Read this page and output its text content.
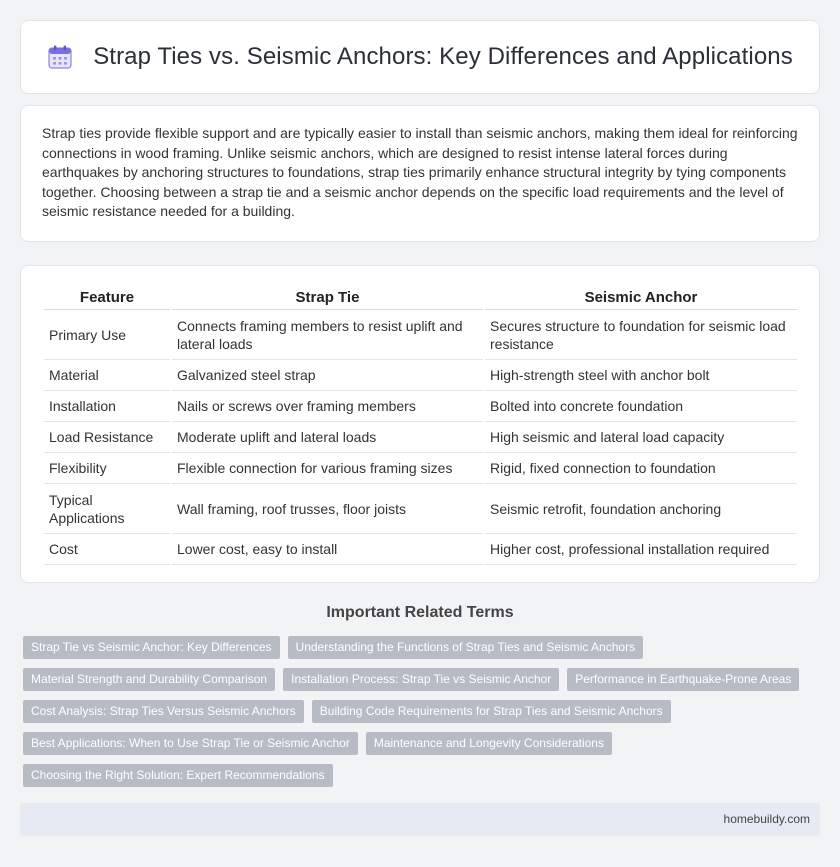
Strap Ties vs. Seismic Anchors: Key Differences and Applications

Strap ties provide flexible support and are typically easier to install than seismic anchors, making them ideal for reinforcing connections in wood framing. Unlike seismic anchors, which are designed to resist intense lateral forces during earthquakes by anchoring structures to foundations, strap ties primarily enhance structural integrity by tying components together. Choosing between a strap tie and a seismic anchor depends on the specific load requirements and the level of seismic resistance needed for a building.

Feature	Strap Tie	Seismic Anchor
Primary Use	Connects framing members to resist uplift and lateral loads	Secures structure to foundation for seismic load resistance
Material	Galvanized steel strap	High-strength steel with anchor bolt
Installation	Nails or screws over framing members	Bolted into concrete foundation
Load Resistance	Moderate uplift and lateral loads	High seismic and lateral load capacity
Flexibility	Flexible connection for various framing sizes	Rigid, fixed connection to foundation
Typical Applications	Wall framing, roof trusses, floor joists	Seismic retrofit, foundation anchoring
Cost	Lower cost, easy to install	Higher cost, professional installation required
Important Related Terms
Strap Tie vs Seismic Anchor: Key Differences	Understanding the Functions of Strap Ties and Seismic Anchors
Material Strength and Durability Comparison	Installation Process: Strap Tie vs Seismic Anchor	Performance in Earthquake-Prone Areas
Cost Analysis: Strap Ties Versus Seismic Anchors	Building Code Requirements for Strap Ties and Seismic Anchors
Best Applications: When to Use Strap Tie or Seismic Anchor	Maintenance and Longevity Considerations
Choosing the Right Solution: Expert Recommendations
homebuildy.com
